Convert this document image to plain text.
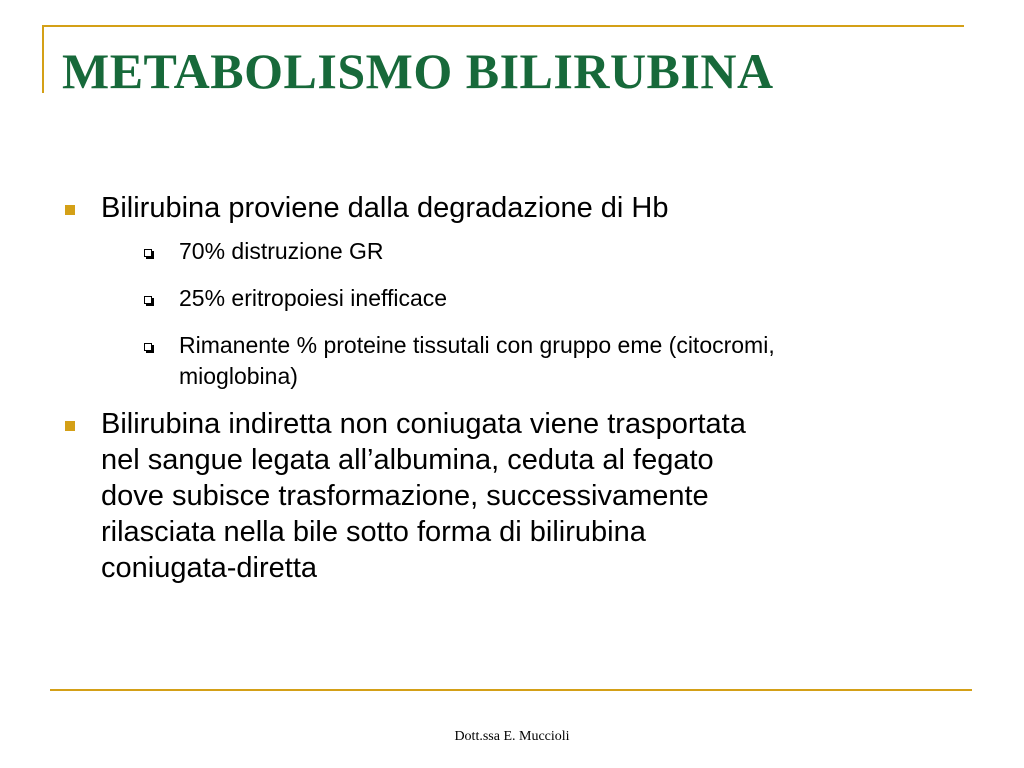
METABOLISMO BILIRUBINA
Bilirubina proviene dalla degradazione di Hb
70% distruzione GR
25% eritropoiesi inefficace
Rimanente % proteine tissutali con gruppo eme (citocromi,
mioglobina)
Bilirubina indiretta non coniugata viene trasportata
nel sangue legata all’albumina, ceduta al fegato
dove subisce trasformazione, successivamente
rilasciata nella bile sotto forma di bilirubina
coniugata-diretta
Dott.ssa E. Muccioli
